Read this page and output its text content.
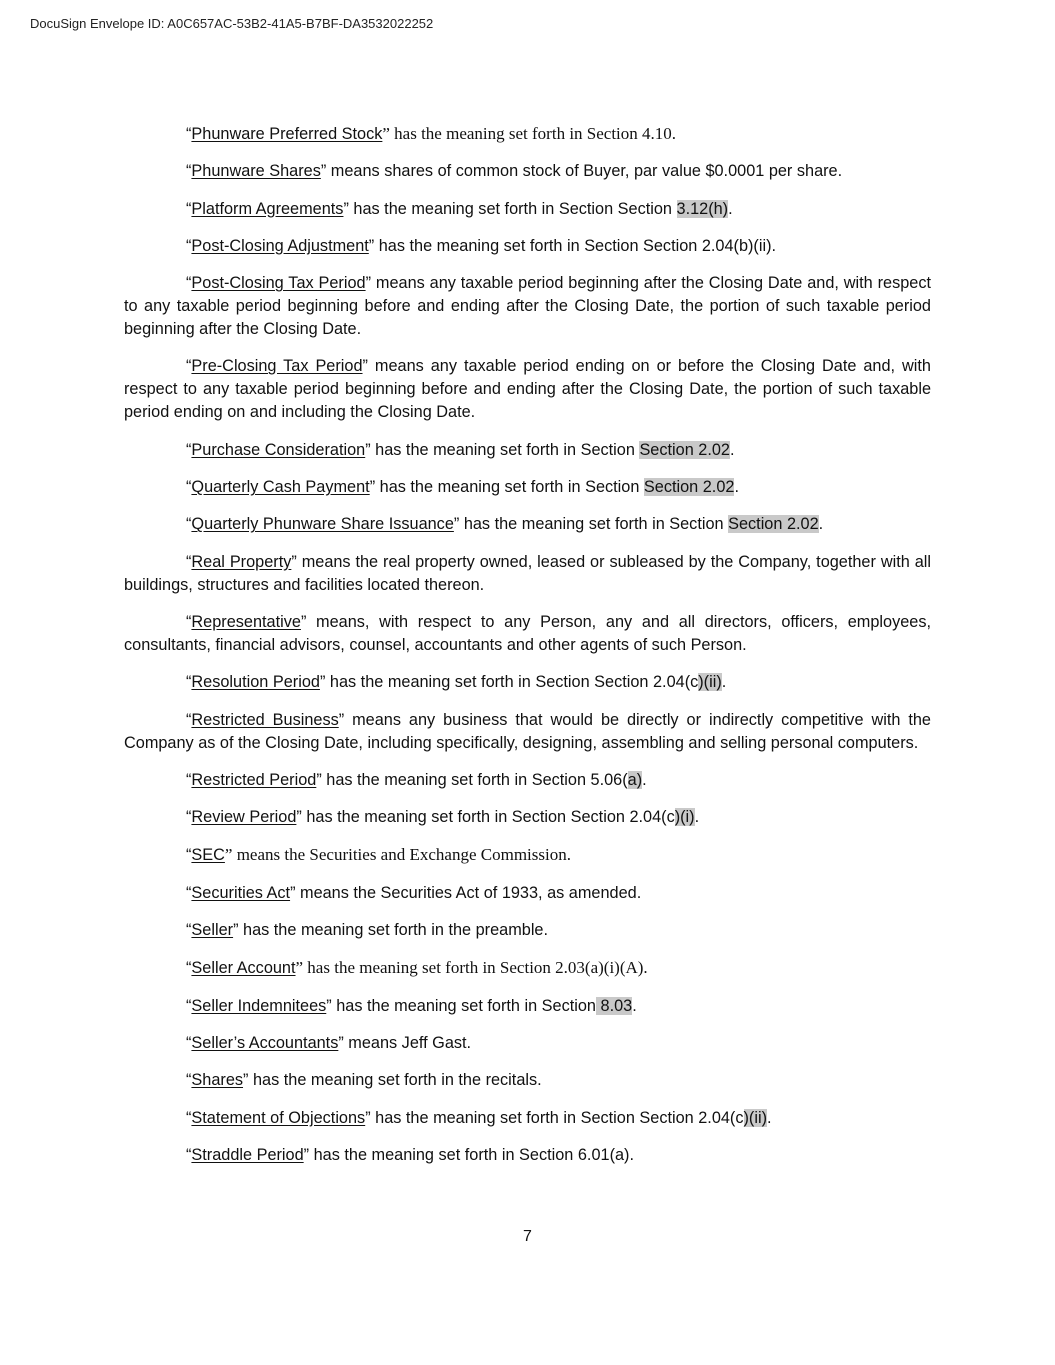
DocuSign Envelope ID: A0C657AC-53B2-41A5-B7BF-DA3532022252

“Phunware Preferred Stock” has the meaning set forth in Section 4.10.

“Phunware Shares” means shares of common stock of Buyer, par value $0.0001 per share.

“Platform Agreements” has the meaning set forth in Section Section 3.12(h).

“Post-Closing Adjustment” has the meaning set forth in Section Section 2.04(b)(ii).

“Post-Closing Tax Period” means any taxable period beginning after the Closing Date and, with respect to any taxable period beginning before and ending after the Closing Date, the portion of such taxable period beginning after the Closing Date.

“Pre-Closing Tax Period” means any taxable period ending on or before the Closing Date and, with respect to any taxable period beginning before and ending after the Closing Date, the portion of such taxable period ending on and including the Closing Date.

“Purchase Consideration” has the meaning set forth in Section Section 2.02.

“Quarterly Cash Payment” has the meaning set forth in Section Section 2.02.

“Quarterly Phunware Share Issuance” has the meaning set forth in Section Section 2.02.

“Real Property” means the real property owned, leased or subleased by the Company, together with all buildings, structures and facilities located thereon.

“Representative” means, with respect to any Person, any and all directors, officers, employees, consultants, financial advisors, counsel, accountants and other agents of such Person.

“Resolution Period” has the meaning set forth in Section Section 2.04(c)(ii).

“Restricted Business” means any business that would be directly or indirectly competitive with the Company as of the Closing Date, including specifically, designing, assembling and selling personal computers.

“Restricted Period” has the meaning set forth in Section 5.06(a).

“Review Period” has the meaning set forth in Section Section 2.04(c)(i).

“SEC” means the Securities and Exchange Commission.

“Securities Act” means the Securities Act of 1933, as amended.

“Seller” has the meaning set forth in the preamble.

“Seller Account” has the meaning set forth in Section 2.03(a)(i)(A).

“Seller Indemnitees” has the meaning set forth in Section 8.03.

“Seller’s Accountants” means Jeff Gast.

“Shares” has the meaning set forth in the recitals.

“Statement of Objections” has the meaning set forth in Section Section 2.04(c)(ii).

“Straddle Period” has the meaning set forth in Section 6.01(a).

7
